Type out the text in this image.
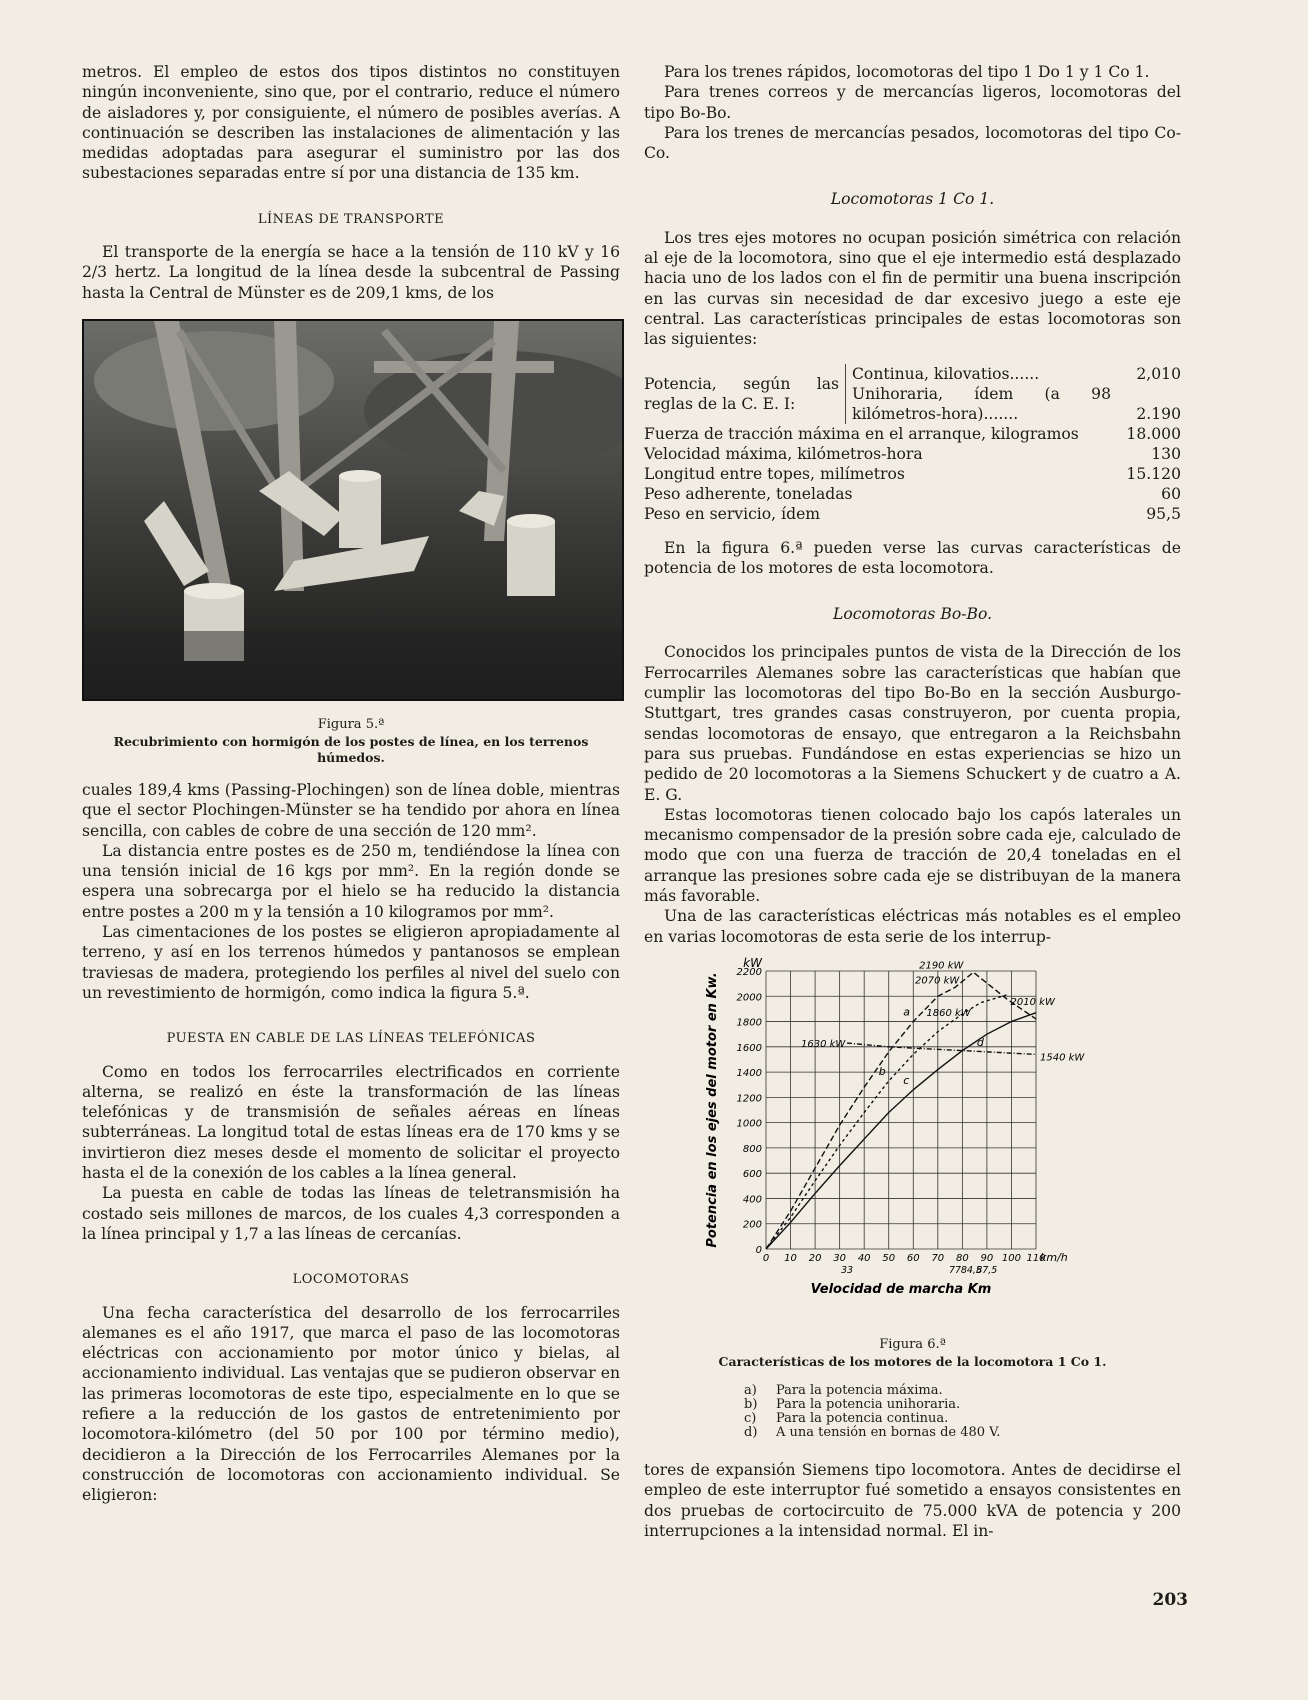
metros. El empleo de estos dos tipos distintos no constituyen ningún inconveniente, sino que, por el contrario, reduce el número de aisladores y, por consiguiente, el número de posibles averías. A continuación se describen las instalaciones de alimentación y las medidas adoptadas para asegurar el suministro por las dos subestaciones separadas entre sí por una distancia de 135 km.

LÍNEAS DE TRANSPORTE

El transporte de la energía se hace a la tensión de 110 kV y 16 2/3 hertz. La longitud de la línea desde la subcentral de Passing hasta la Central de Münster es de 209,1 kms, de los

Figura 5.ª
Recubrimiento con hormigón de los postes de línea, en los terrenos húmedos.

cuales 189,4 kms (Passing-Plochingen) son de línea doble, mientras que el sector Plochingen-Münster se ha tendido por ahora en línea sencilla, con cables de cobre de una sección de 120 mm².

La distancia entre postes es de 250 m, tendiéndose la línea con una tensión inicial de 16 kgs por mm². En la región donde se espera una sobrecarga por el hielo se ha reducido la distancia entre postes a 200 m y la tensión a 10 kilogramos por mm².

Las cimentaciones de los postes se eligieron apropiadamente al terreno, y así en los terrenos húmedos y pantanosos se emplean traviesas de madera, protegiendo los perfiles al nivel del suelo con un revestimiento de hormigón, como indica la figura 5.ª.

PUESTA EN CABLE DE LAS LÍNEAS TELEFÓNICAS

Como en todos los ferrocarriles electrificados en corriente alterna, se realizó en éste la transformación de las líneas telefónicas y de transmisión de señales aéreas en líneas subterráneas. La longitud total de estas líneas era de 170 kms y se invirtieron diez meses desde el momento de solicitar el proyecto hasta el de la conexión de los cables a la línea general.

La puesta en cable de todas las líneas de teletransmisión ha costado seis millones de marcos, de los cuales 4,3 corresponden a la línea principal y 1,7 a las líneas de cercanías.

LOCOMOTORAS

Una fecha característica del desarrollo de los ferrocarriles alemanes es el año 1917, que marca el paso de las locomotoras eléctricas con accionamiento por motor único y bielas, al accionamiento individual. Las ventajas que se pudieron observar en las primeras locomotoras de este tipo, especialmente en lo que se refiere a la reducción de los gastos de entretenimiento por locomotora-kilómetro (del 50 por 100 por término medio), decidieron a la Dirección de los Ferrocarriles Alemanes por la construcción de locomotoras con accionamiento individual. Se eligieron:

Para los trenes rápidos, locomotoras del tipo 1 Do 1 y 1 Co 1.

Para trenes correos y de mercancías ligeros, locomotoras del tipo Bo-Bo.

Para los trenes de mercancías pesados, locomotoras del tipo Co-Co.

Locomotoras 1 Co 1.

Los tres ejes motores no ocupan posición simétrica con relación al eje de la locomotora, sino que el eje intermedio está desplazado hacia uno de los lados con el fin de permitir una buena inscripción en las curvas sin necesidad de dar excesivo juego a este eje central. Las características principales de estas locomotoras son las siguientes:

Potencia, según las reglas de la C. E. I:	Continua, kilovatios......	2,010
	Unihoraria, ídem (a 98 kilómetros-hora).......	2.190
Fuerza de tracción máxima en el arranque, kilogramos		18.000
Velocidad máxima, kilómetros-hora		130
Longitud entre topes, milímetros		15.120
Peso adherente, toneladas		60
Peso en servicio, ídem		95,5

En la figura 6.ª pueden verse las curvas características de potencia de los motores de esta locomotora.

Locomotoras Bo-Bo.

Conocidos los principales puntos de vista de la Dirección de los Ferrocarriles Alemanes sobre las características que habían que cumplir las locomotoras del tipo Bo-Bo en la sección Ausburgo-Stuttgart, tres grandes casas construyeron, por cuenta propia, sendas locomotoras de ensayo, que entregaron a la Reichsbahn para sus pruebas. Fundándose en estas experiencias se hizo un pedido de 20 locomotoras a la Siemens Schuckert y de cuatro a A. E. G.

Estas locomotoras tienen colocado bajo los capós laterales un mecanismo compensador de la presión sobre cada eje, calculado de modo que con una fuerza de tracción de 20,4 toneladas en el arranque las presiones sobre cada eje se distribuyan de la manera más favorable.

Una de las características eléctricas más notables es el empleo en varias locomotoras de esta serie de los interrup-

0 10 20 30 40 50 60 70 80 90 100 110
0
200
400
600
800
1000
1200
1400
1600
1800
2000
2200
kW
km/h
33	77 84,5
87,5
Velocidad de marcha Km
Potencia en los ejes del motor en Kw.	a
b
c
d
2190 kW
2070 kW
2010 kW
1860 kW
1630 kW
1540 kW
Figura 6.ª
Características de los motores de la locomotora 1 Co 1.
a)	Para la potencia máxima.
b)	Para la potencia unihoraria.
c)	Para la potencia continua.
d)	A una tensión en bornas de 480 V.

tores de expansión Siemens tipo locomotora. Antes de decidirse el empleo de este interruptor fué sometido a ensayos consistentes en dos pruebas de cortocircuito de 75.000 kVA de potencia y 200 interrupciones a la intensidad normal. El in-

203
